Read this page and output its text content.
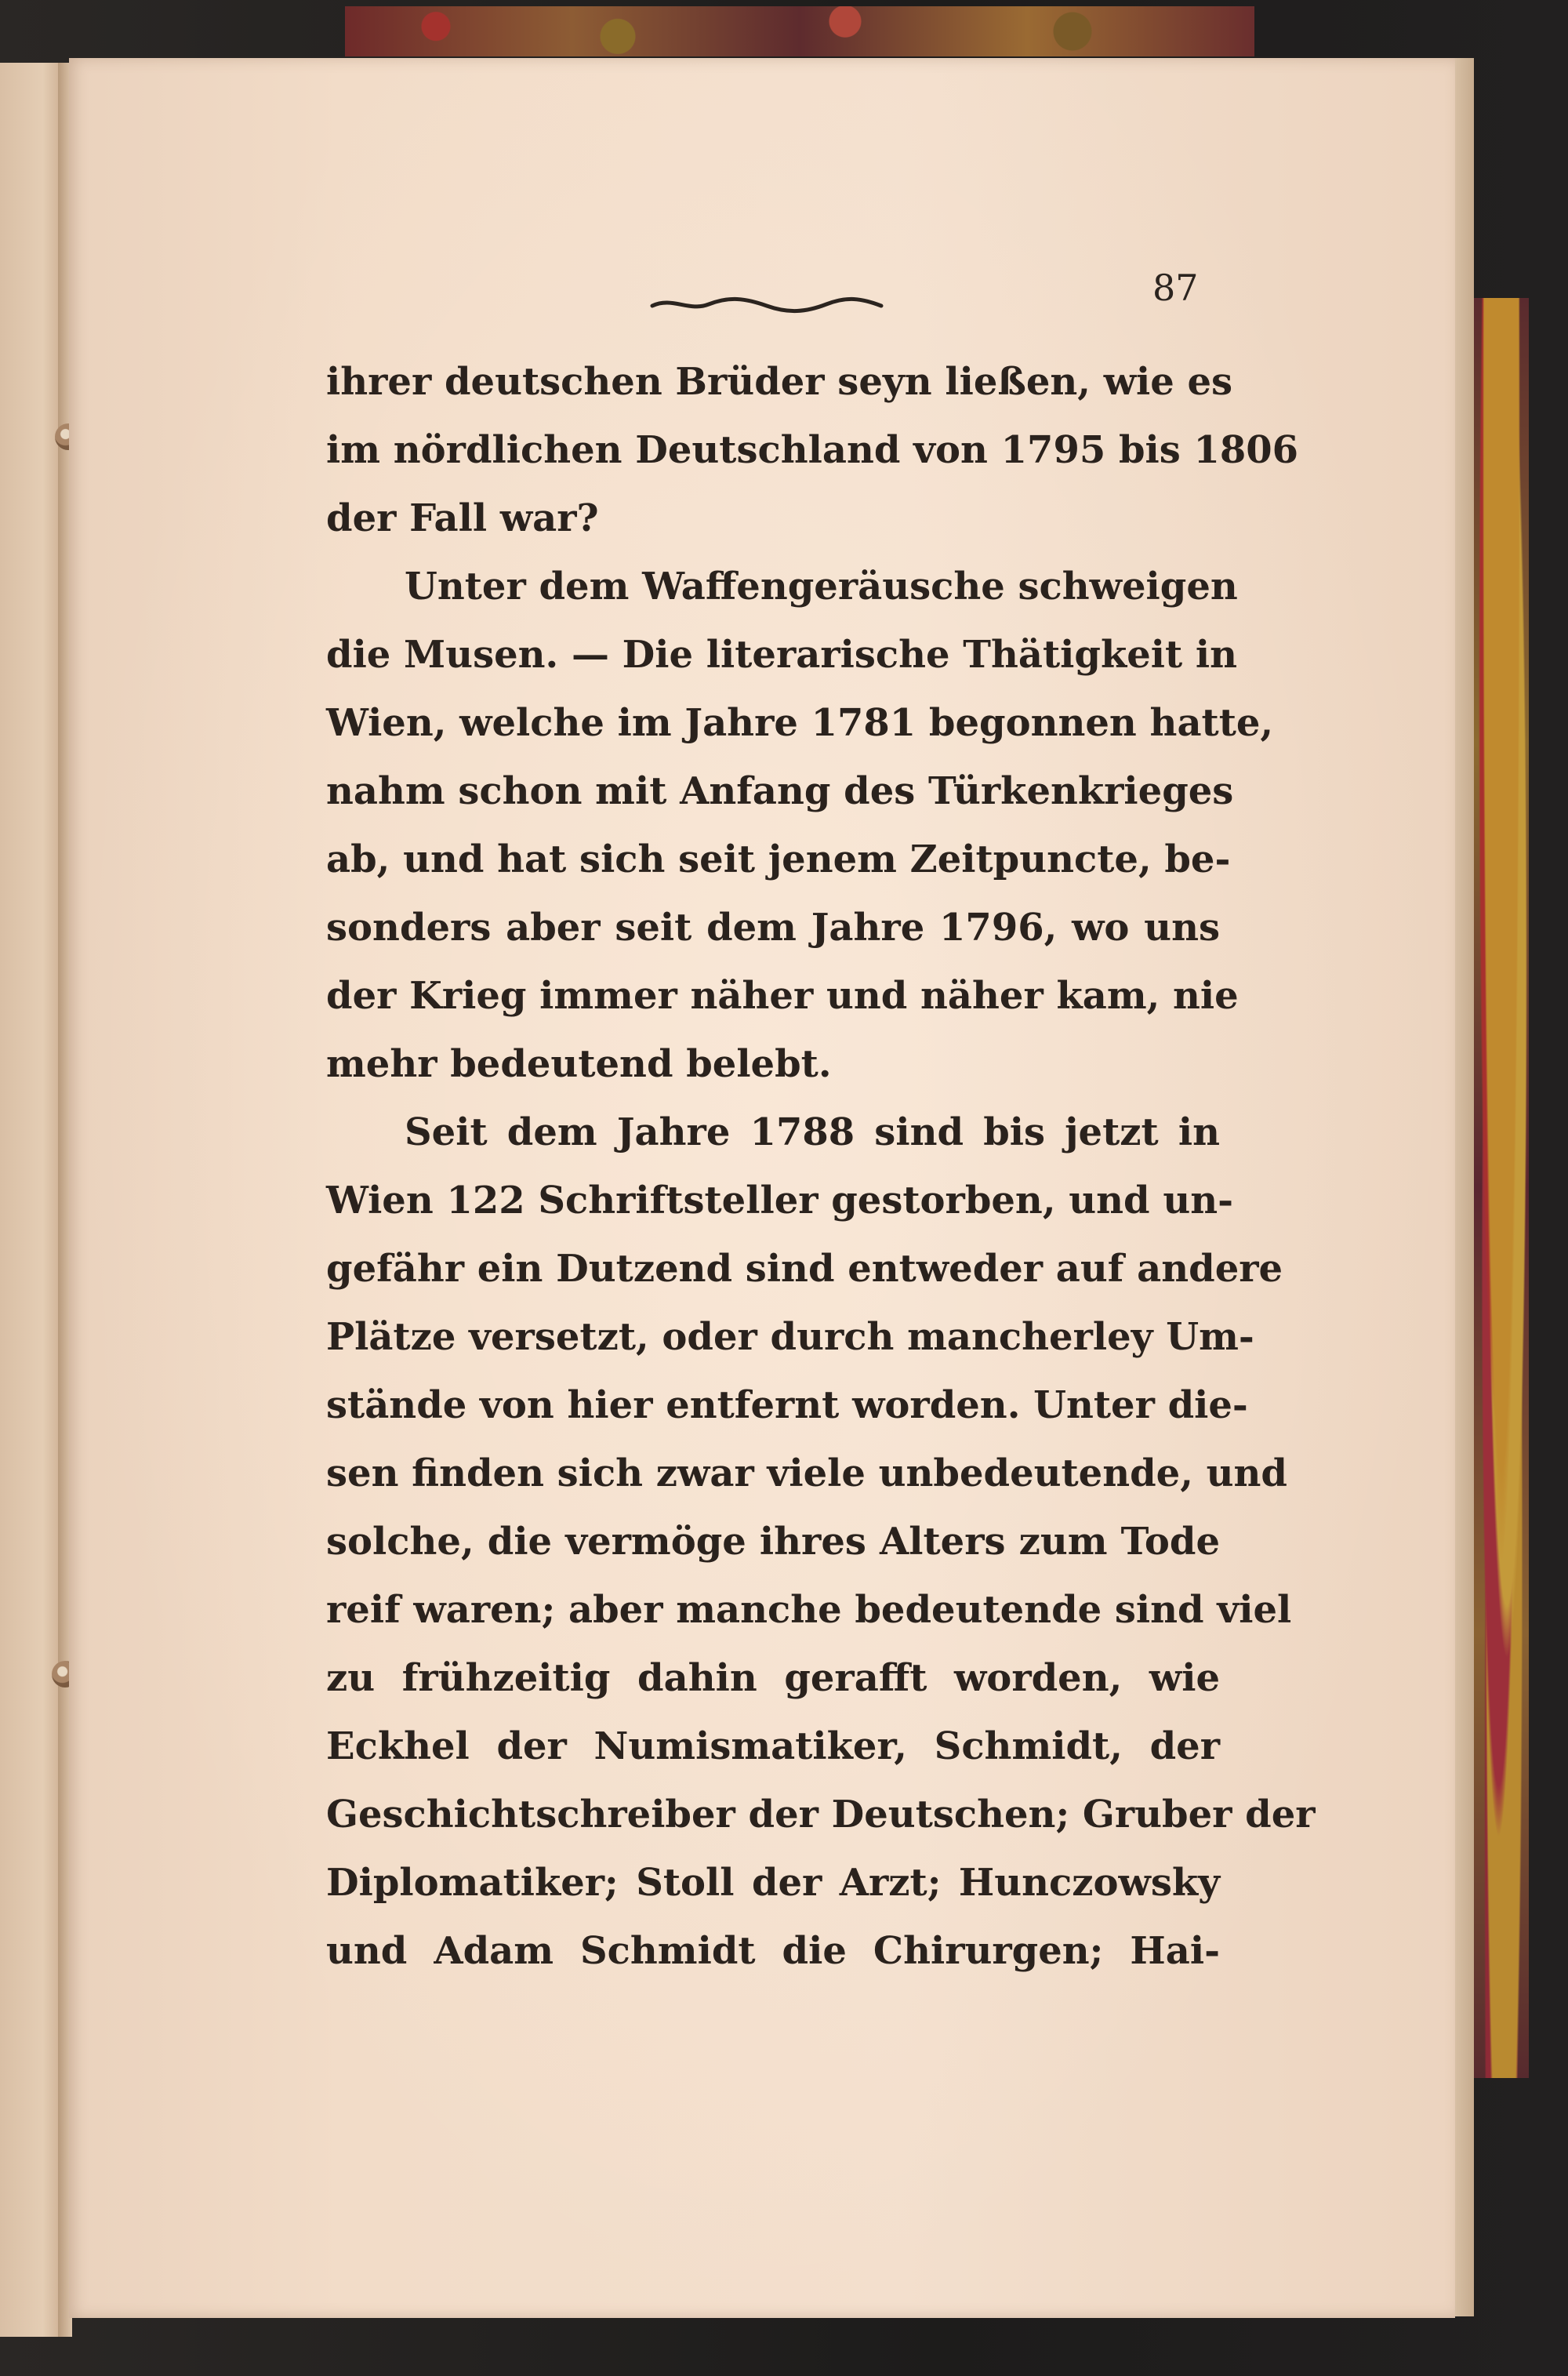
87

ihrer deutschen Brüder seyn ließen, wie es
im nördlichen Deutschland von 1795 bis 1806
der Fall war?
Unter dem Waffengeräusche schweigen
die Musen. — Die literarische Thätigkeit in
Wien, welche im Jahre 1781 begonnen hatte,
nahm schon mit Anfang des Türkenkrieges
ab, und hat sich seit jenem Zeitpuncte, be-
sonders aber seit dem Jahre 1796, wo uns
der Krieg immer näher und näher kam, nie
mehr bedeutend belebt.
Seit dem Jahre 1788 sind bis jetzt in
Wien 122 Schriftsteller gestorben, und un-
gefähr ein Dutzend sind entweder auf andere
Plätze versetzt, oder durch mancherley Um-
stände von hier entfernt worden. Unter die-
sen finden sich zwar viele unbedeutende, und
solche, die vermöge ihres Alters zum Tode
reif waren; aber manche bedeutende sind viel
zu frühzeitig dahin gerafft worden, wie
Eckhel der Numismatiker, Schmidt, der
Geschichtschreiber der Deutschen; Gruber der
Diplomatiker; Stoll der Arzt; Hunczowsky
und Adam Schmidt die Chirurgen; Hai-
